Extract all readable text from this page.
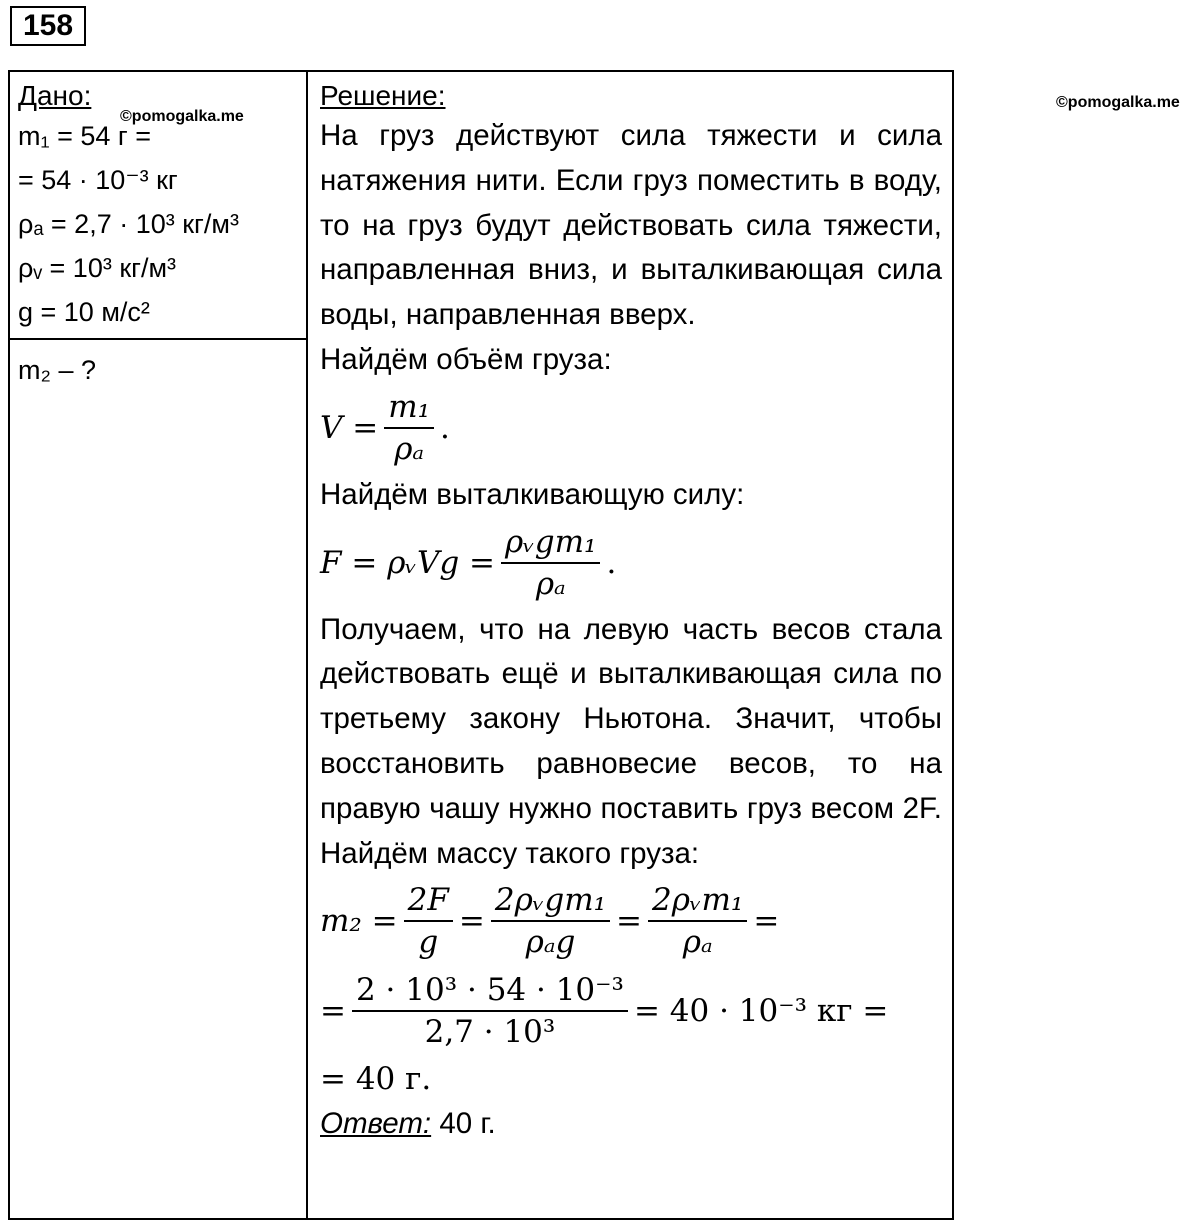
158
Дано:
©pomogalka.me
m₁ = 54 г =
= 54 · 10⁻³ кг
ρₐ = 2,7 · 10³ кг/м³
ρᵥ = 10³ кг/м³
g = 10 м/с²
m₂ – ?
Решение:	©pomogalka.me
На груз действуют сила тяжести и сила натяжения нити. Если груз поместить в воду, то на груз будут действовать сила тяжести, направленная вниз, и выталкивающая сила воды, направленная вверх.
Найдём объём груза:
$V = \frac{\text{m₁}}{\text{ρₐ}}$ .
Найдём выталкивающую силу:
F = ρᵥVg = $\frac{\text{ρᵥgm₁}}{\text{ρₐ}}$ .
Получаем, что на левую часть весов стала действовать ещё и выталкивающая сила по третьему закону Ньютона. Значит, чтобы восстановить равновесие весов, то на правую чашу нужно поставить груз весом 2F. Найдём массу такого груза:
$m_2 = \frac{2F}{g} = \frac{\text{2ρᵥgm₁}}{\text{ρₐg}} = \frac{\text{2ρᵥm₁}}{\text{ρₐ}}$ =
= $\frac{\text{2 · 10³ · 54 · 10⁻³}}{\text{2,7 · 10³}} = 40 \cdot 10^{-3}$ кг =
= 40 г.
Ответ: 40 г.
